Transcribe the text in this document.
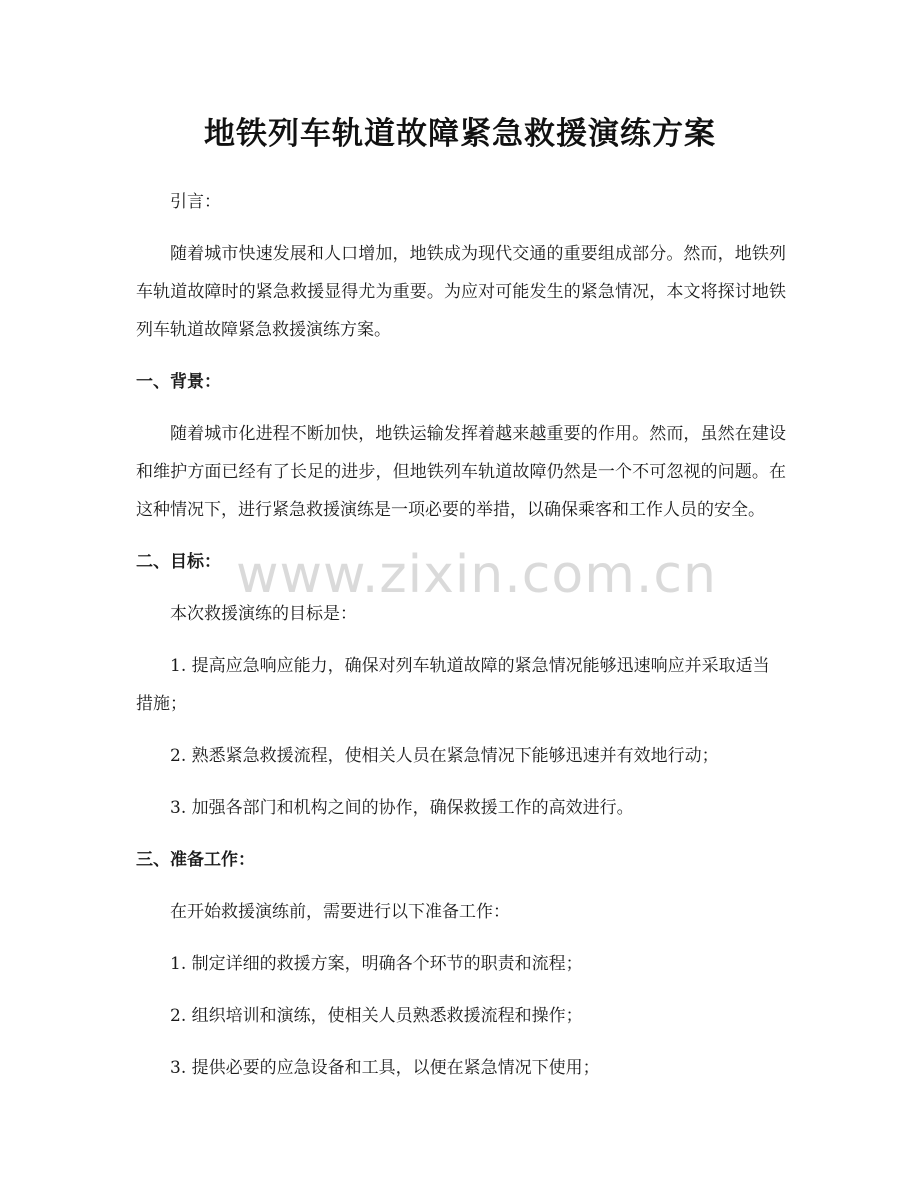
地铁列车轨道故障紧急救援演练方案

引言：

随着城市快速发展和人口增加，地铁成为现代交通的重要组成部分。然而，地铁列车轨道故障时的紧急救援显得尤为重要。为应对可能发生的紧急情况，本文将探讨地铁列车轨道故障紧急救援演练方案。

一、背景：

随着城市化进程不断加快，地铁运输发挥着越来越重要的作用。然而，虽然在建设和维护方面已经有了长足的进步，但地铁列车轨道故障仍然是一个不可忽视的问题。在这种情况下，进行紧急救援演练是一项必要的举措，以确保乘客和工作人员的安全。

二、目标：

本次救援演练的目标是：

1. 提高应急响应能力，确保对列车轨道故障的紧急情况能够迅速响应并采取适当措施；

2. 熟悉紧急救援流程，使相关人员在紧急情况下能够迅速并有效地行动；

3. 加强各部门和机构之间的协作，确保救援工作的高效进行。

三、准备工作：

在开始救援演练前，需要进行以下准备工作：

1. 制定详细的救援方案，明确各个环节的职责和流程；

2. 组织培训和演练，使相关人员熟悉救援流程和操作；

3. 提供必要的应急设备和工具，以便在紧急情况下使用；

www.zixin.com.cn
